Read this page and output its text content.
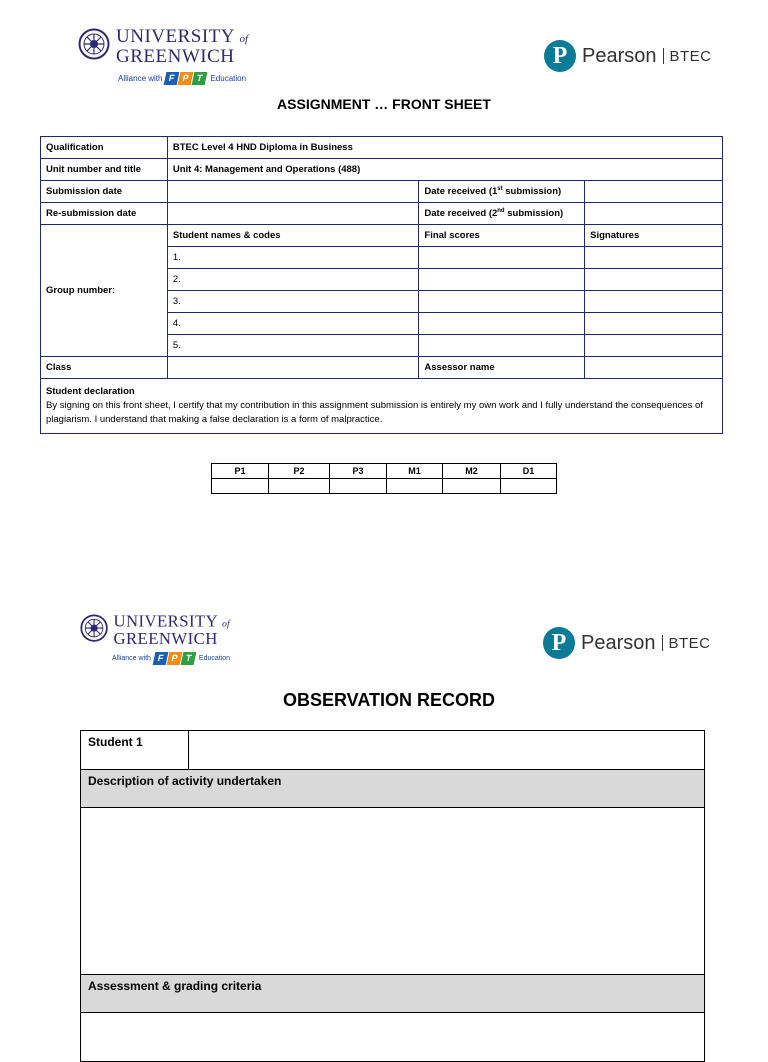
UNIVERSITY of
GREENWICH
Alliance with F P T Education
P Pearson BTEC
ASSIGNMENT … FRONT SHEET
Qualification	BTEC Level 4 HND Diploma in Business		
Unit number and title	Unit 4: Management and Operations (488)		
Submission date		Date received (1st submission)	
Re-submission date		Date received (2nd submission)	
Group number:	Student names & codes	Final scores	Signatures
	1.		
	2.		
	3.		
	4.		
	5.		
Class		Assessor name	

Student declaration
By signing on this front sheet, I certify that my contribution in this assignment submission is entirely my own work and I fully understand the consequences of plagiarism. I understand that making a false declaration is a form of malpractice.			
P1	P2	P3	M1	M2	D1

UNIVERSITY of
GREENWICH
Alliance with F P T Education
P Pearson BTEC
OBSERVATION RECORD
Student 1	
Description of activity undertaken

Assessment & grading criteria
